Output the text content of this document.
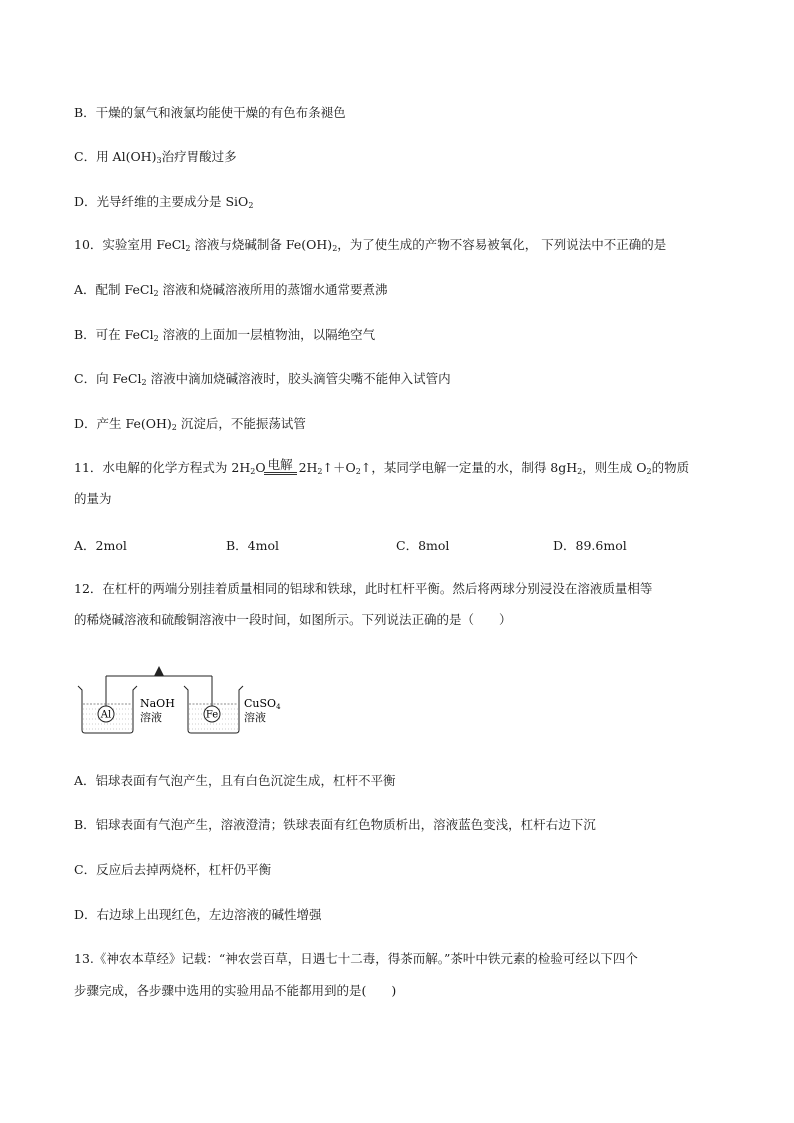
B．干燥的氯气和液氯均能使干燥的有色布条褪色
C．用 $Al(OH)_3$治疗胃酸过多
D．光导纤维的主要成分是 SiO$_2$
10．实验室用 FeCl$_2$ 溶液与烧碱制备 $Fe(OH)_2$，为了使生成的产物不容易被氧化， 下列说法中不正确的是
A．配制 FeCl$_2$ 溶液和烧碱溶液所用的蒸馏水通常要煮沸
B．可在 FeCl$_2$ 溶液的上面加一层植物油，以隔绝空气
C．向 FeCl$_2$ 溶液中滴加烧碱溶液时，胶头滴管尖嘴不能伸入试管内
D．产生 $Fe(OH)_2$ 沉淀后，不能振荡试管
11．水电解的化学方程式为 $2H_2O$ 电解
$2H_2↑+O_2↑$，某同学电解一定量的水，制得 $8gH_2$，则生成 $O_2$的物质
的量为
A．2mol	B．4mol	C．8mol	D．89.6mol
12．在杠杆的两端分别挂着质量相同的铝球和铁球，此时杠杆平衡。然后将两球分别浸没在溶液质量相等
的稀烧碱溶液和硫酸铜溶液中一段时间，如图所示。下列说法正确的是（　　）
Al
NaOH
溶液	Fe
CuSO4
溶液
A．铝球表面有气泡产生，且有白色沉淀生成，杠杆不平衡
B．铝球表面有气泡产生，溶液澄清；铁球表面有红色物质析出，溶液蓝色变浅，杠杆右边下沉
C．反应后去掉两烧杯，杠杆仍平衡
D．右边球上出现红色，左边溶液的碱性增强
13.《神农本草经》记载：“神农尝百草，日遇七十二毒，得茶而解。”茶叶中铁元素的检验可经以下四个
步骤完成，各步骤中选用的实验用品不能都用到的是(　　)
